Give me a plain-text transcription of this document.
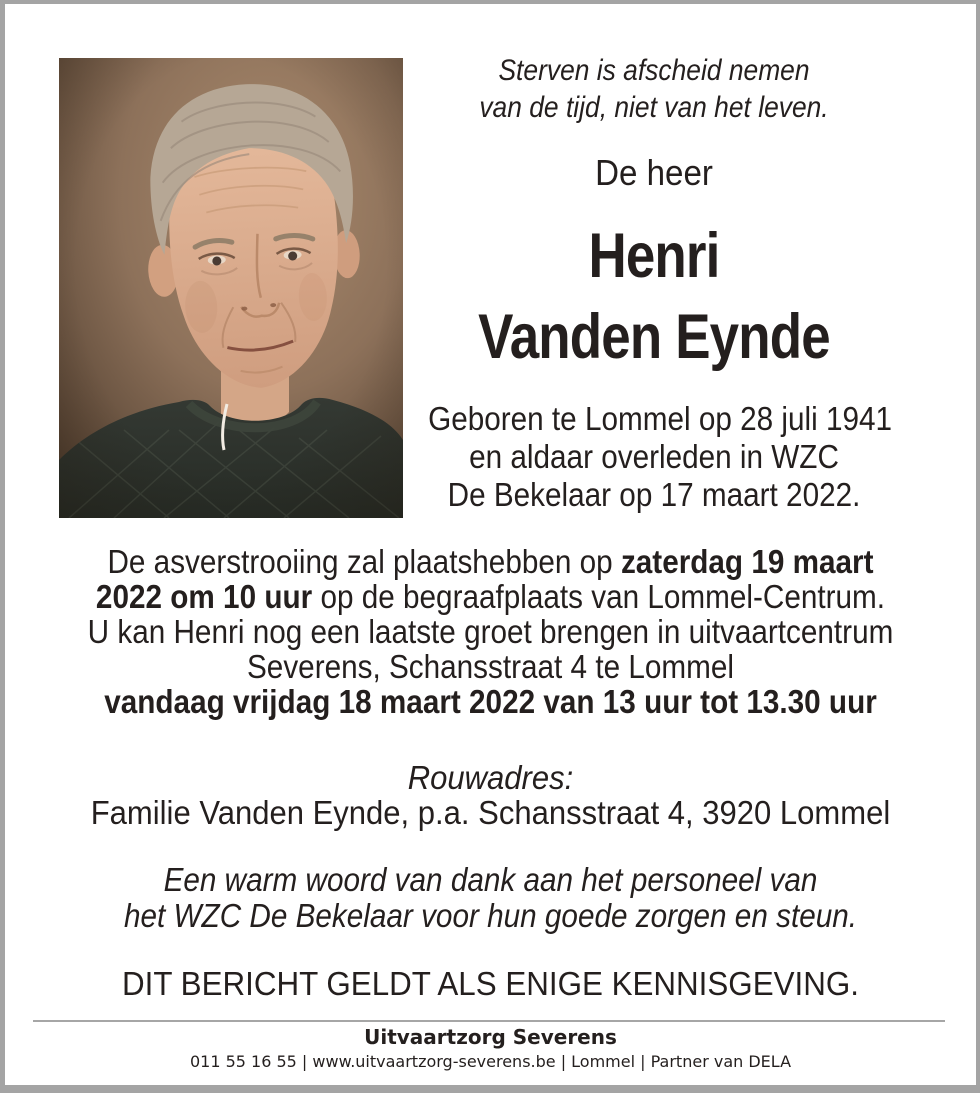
Sterven is afscheid nemen
van de tijd, niet van het leven.
De heer
Henri
Vanden Eynde
Geboren te Lommel op 28 juli 1941
en aldaar overleden in WZC
De Bekelaar op 17 maart 2022.
De asverstrooiing zal plaatshebben op zaterdag 19 maart
2022 om 10 uur op de begraafplaats van Lommel-Centrum.
U kan Henri nog een laatste groet brengen in uitvaartcentrum
Severens, Schansstraat 4 te Lommel
vandaag vrijdag 18 maart 2022 van 13 uur tot 13.30 uur
Rouwadres:
Familie Vanden Eynde, p.a. Schansstraat 4, 3920 Lommel
Een warm woord van dank aan het personeel van
het WZC De Bekelaar voor hun goede zorgen en steun.
DIT BERICHT GELDT ALS ENIGE KENNISGEVING.
Uitvaartzorg Severens
011 55 16 55 | www.uitvaartzorg-severens.be | Lommel | Partner van DELA
